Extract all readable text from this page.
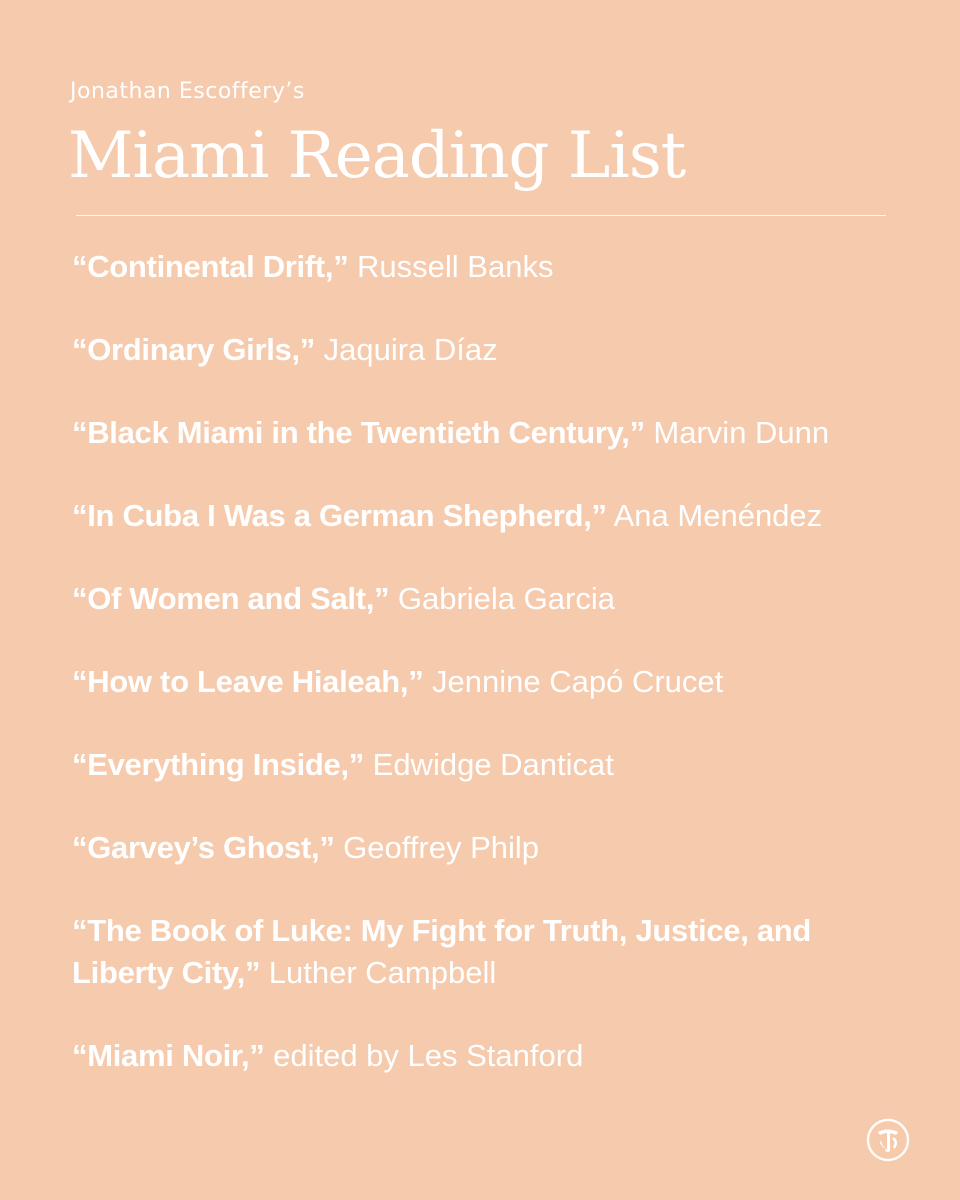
Jonathan Escoffery’s
Miami Reading List
“Continental Drift,” Russell Banks
“Ordinary Girls,” Jaquira Díaz
“Black Miami in the Twentieth Century,” Marvin Dunn
“In Cuba I Was a German Shepherd,” Ana Menéndez
“Of Women and Salt,” Gabriela Garcia
“How to Leave Hialeah,” Jennine Capó Crucet
“Everything Inside,” Edwidge Danticat
“Garvey’s Ghost,” Geoffrey Philp
“The Book of Luke: My Fight for Truth, Justice, and Liberty City,” Luther Campbell
“Miami Noir,” edited by Les Stanford
